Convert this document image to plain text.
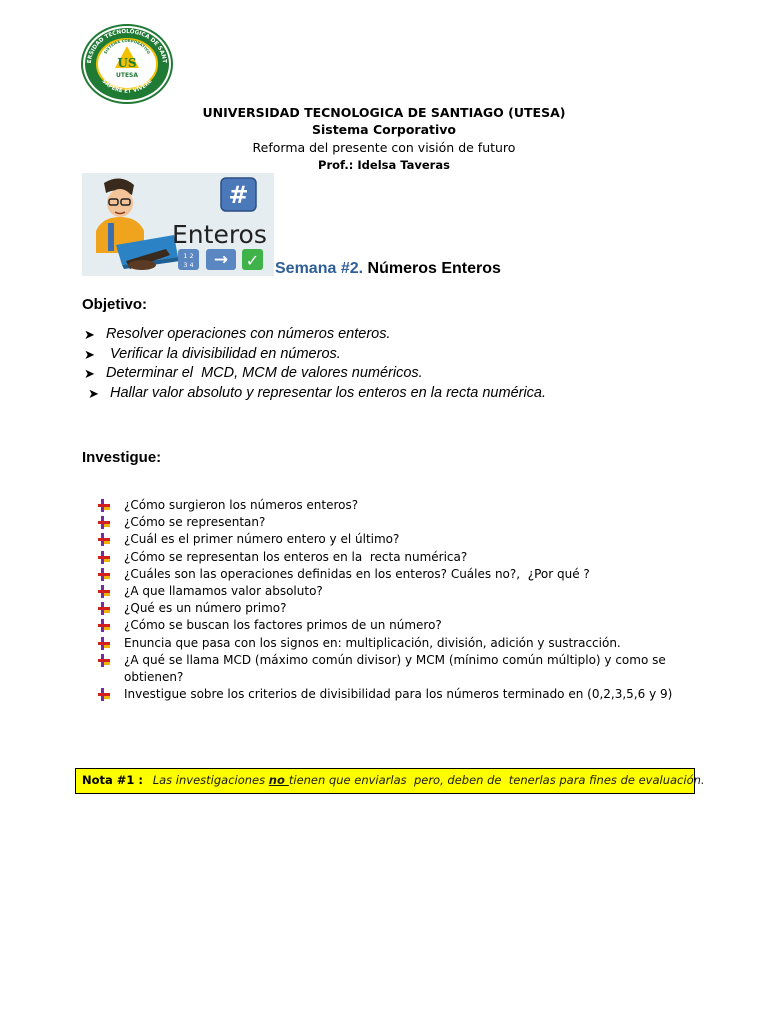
ERSIDAD TECNOLÓGICA DE SANT
SAPERE ET VIVERE
SISTEMA CORPORATIVO
US
UTESA
UNIVERSIDAD TECNOLOGICA DE SANTIAGO (UTESA)
Sistema Corporativo
Reforma del presente con visión de futuro
Prof.: Idelsa Taveras
#
Enteros
1 2
3 4 → ✓ Semana #2. Números Enteros
Objetivo:
➤ Resolver operaciones con números enteros.
➤ Verificar la divisibilidad en números.
➤ Determinar el  MCD, MCM de valores numéricos.
➤ Hallar valor absoluto y representar los enteros en la recta numérica.
Investigue:
¿Cómo surgieron los números enteros?
¿Cómo se representan?
¿Cuál es el primer número entero y el último?
¿Cómo se representan los enteros en la  recta numérica?
¿Cuáles son las operaciones definidas en los enteros? Cuáles no?,  ¿Por qué ?
¿A que llamamos valor absoluto?
¿Qué es un número primo?
¿Cómo se buscan los factores primos de un número?
Enuncia que pasa con los signos en: multiplicación, división, adición y sustracción.
¿A qué se llama MCD (máximo común divisor) y MCM (mínimo común múltiplo) y como se obtienen?
Investigue sobre los criterios de divisibilidad para los números terminado en (0,2,3,5,6 y 9)
Nota #1 : Las investigaciones no tienen que enviarlas  pero, deben de  tenerlas para fines de evaluación.
